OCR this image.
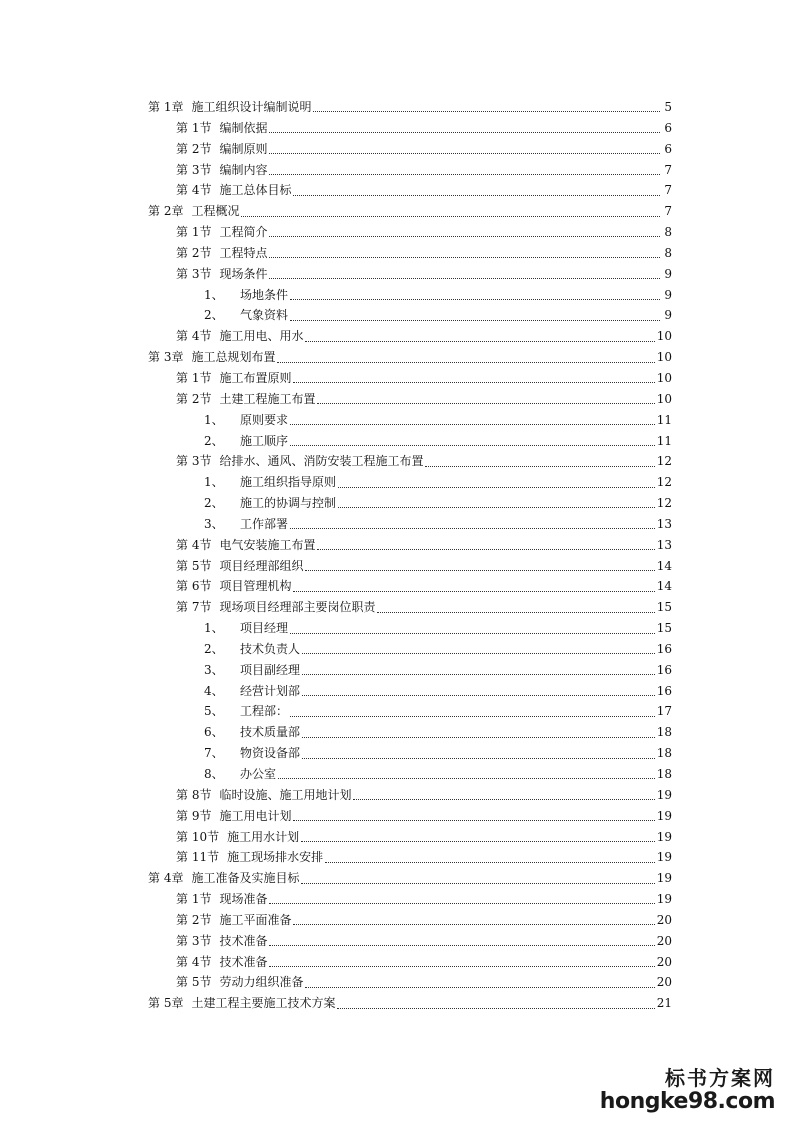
第 1章 施工组织设计编制说明	5
第 1节 编制依据	6
第 2节 编制原则	6
第 3节 编制内容	7
第 4节 施工总体目标	7
第 2章 工程概况	7
第 1节 工程简介	8
第 2节 工程特点	8
第 3节 现场条件	9
1、	场地条件	9
2、	气象资料	9
第 4节 施工用电、用水	10
第 3章 施工总规划布置	10
第 1节 施工布置原则	10
第 2节 土建工程施工布置	10
1、	原则要求	11
2、	施工顺序	11
第 3节 给排水、通风、消防安装工程施工布置	12
1、	施工组织指导原则	12
2、	施工的协调与控制	12
3、	工作部署	13
第 4节 电气安装施工布置	13
第 5节 项目经理部组织	14
第 6节 项目管理机构	14
第 7节 现场项目经理部主要岗位职责	15
1、	项目经理	15
2、	技术负责人	16
3、	项目副经理	16
4、	经营计划部	16
5、	工程部：	17
6、	技术质量部	18
7、	物资设备部	18
8、	办公室	18
第 8节 临时设施、施工用地计划	19
第 9节 施工用电计划	19
第 10节 施工用水计划	19
第 11节 施工现场排水安排	19
第 4章 施工准备及实施目标	19
第 1节 现场准备	19
第 2节 施工平面准备	20
第 3节 技术准备	20
第 4节 技术准备	20
第 5节 劳动力组织准备	20
第 5章 土建工程主要施工技术方案	21
标书方案网
hongke98.com
